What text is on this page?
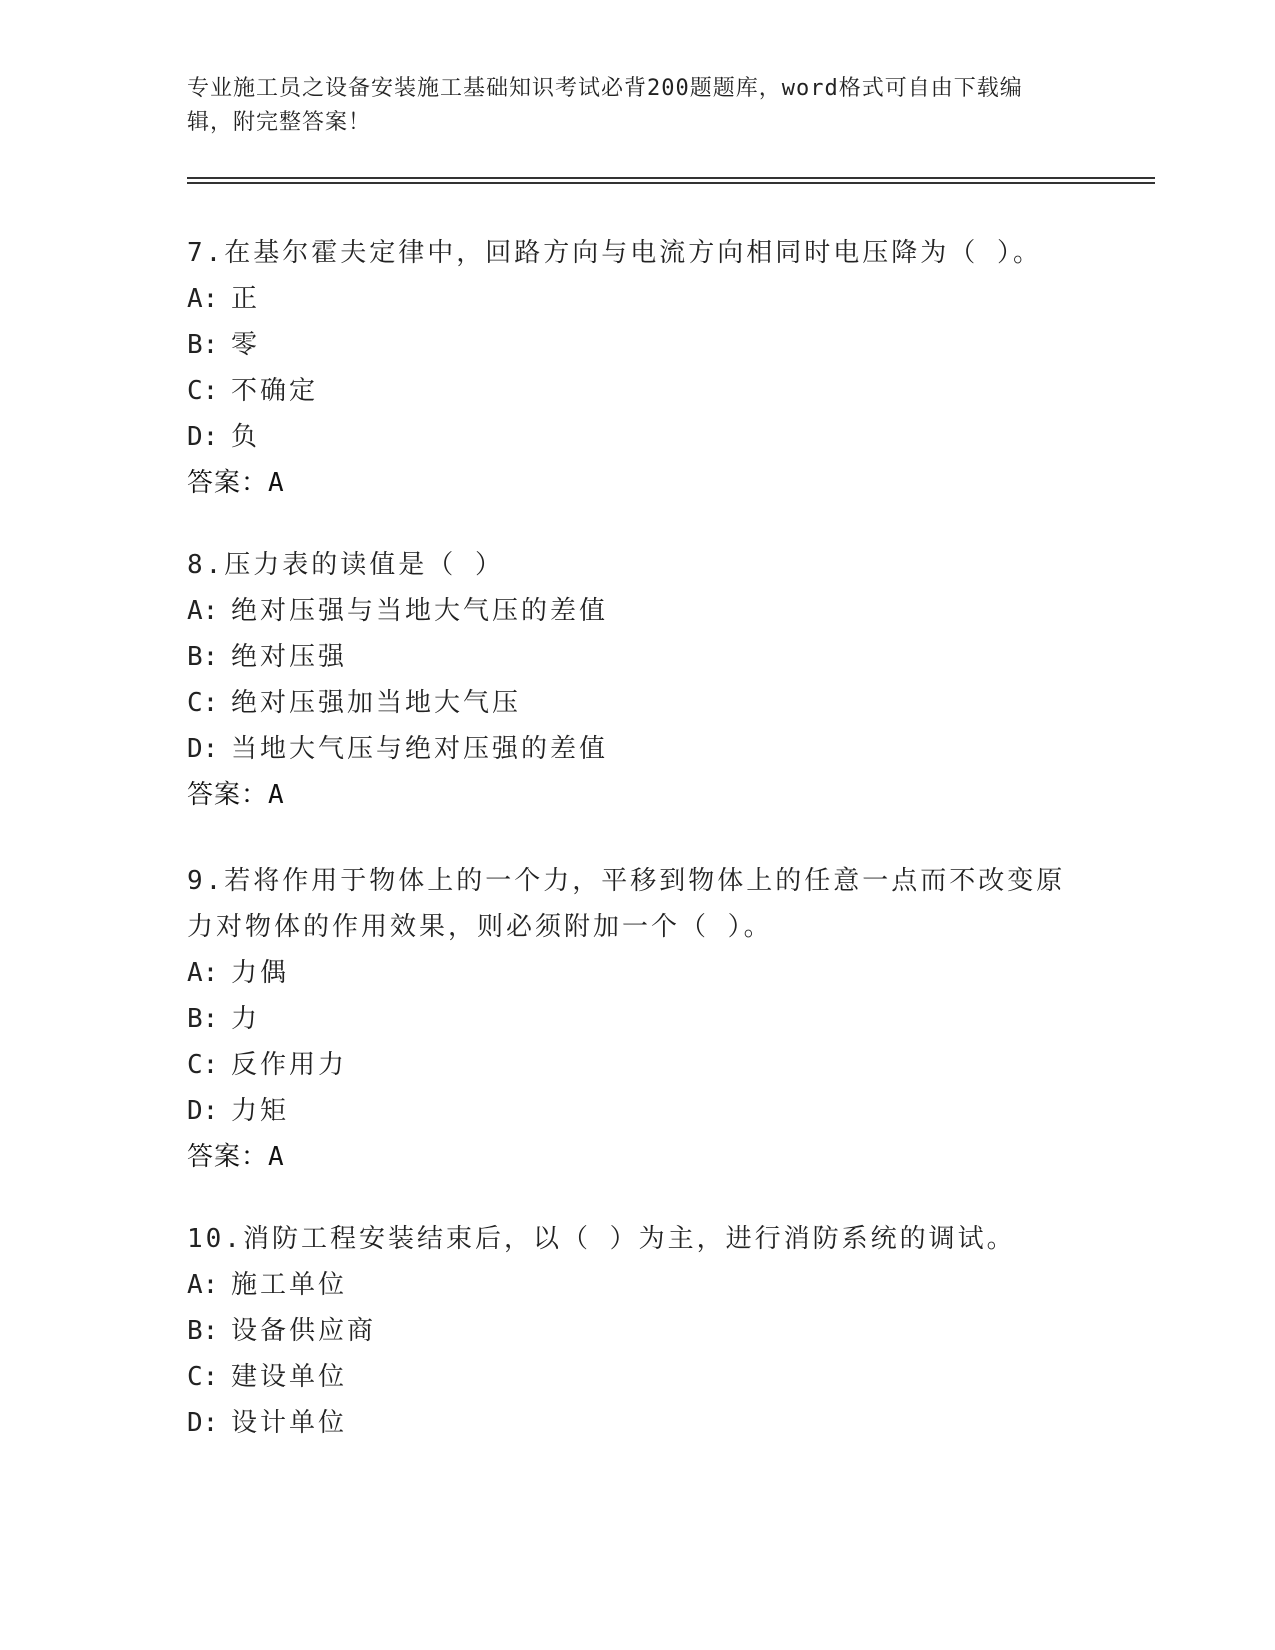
专业施工员之设备安装施工基础知识考试必背200题题库，word格式可自由下载编辑，附完整答案！

7.在基尔霍夫定律中，回路方向与电流方向相同时电压降为（ ）。

A: 正

B: 零

C: 不确定

D: 负

答案：A

8.压力表的读值是（ ）

A: 绝对压强与当地大气压的差值

B: 绝对压强

C: 绝对压强加当地大气压

D: 当地大气压与绝对压强的差值

答案：A

9.若将作用于物体上的一个力，平移到物体上的任意一点而不改变原力对物体的作用效果，则必须附加一个（ ）。

A: 力偶

B: 力

C: 反作用力

D: 力矩

答案：A

10.消防工程安装结束后，以（ ）为主，进行消防系统的调试。

A: 施工单位

B: 设备供应商

C: 建设单位

D: 设计单位
